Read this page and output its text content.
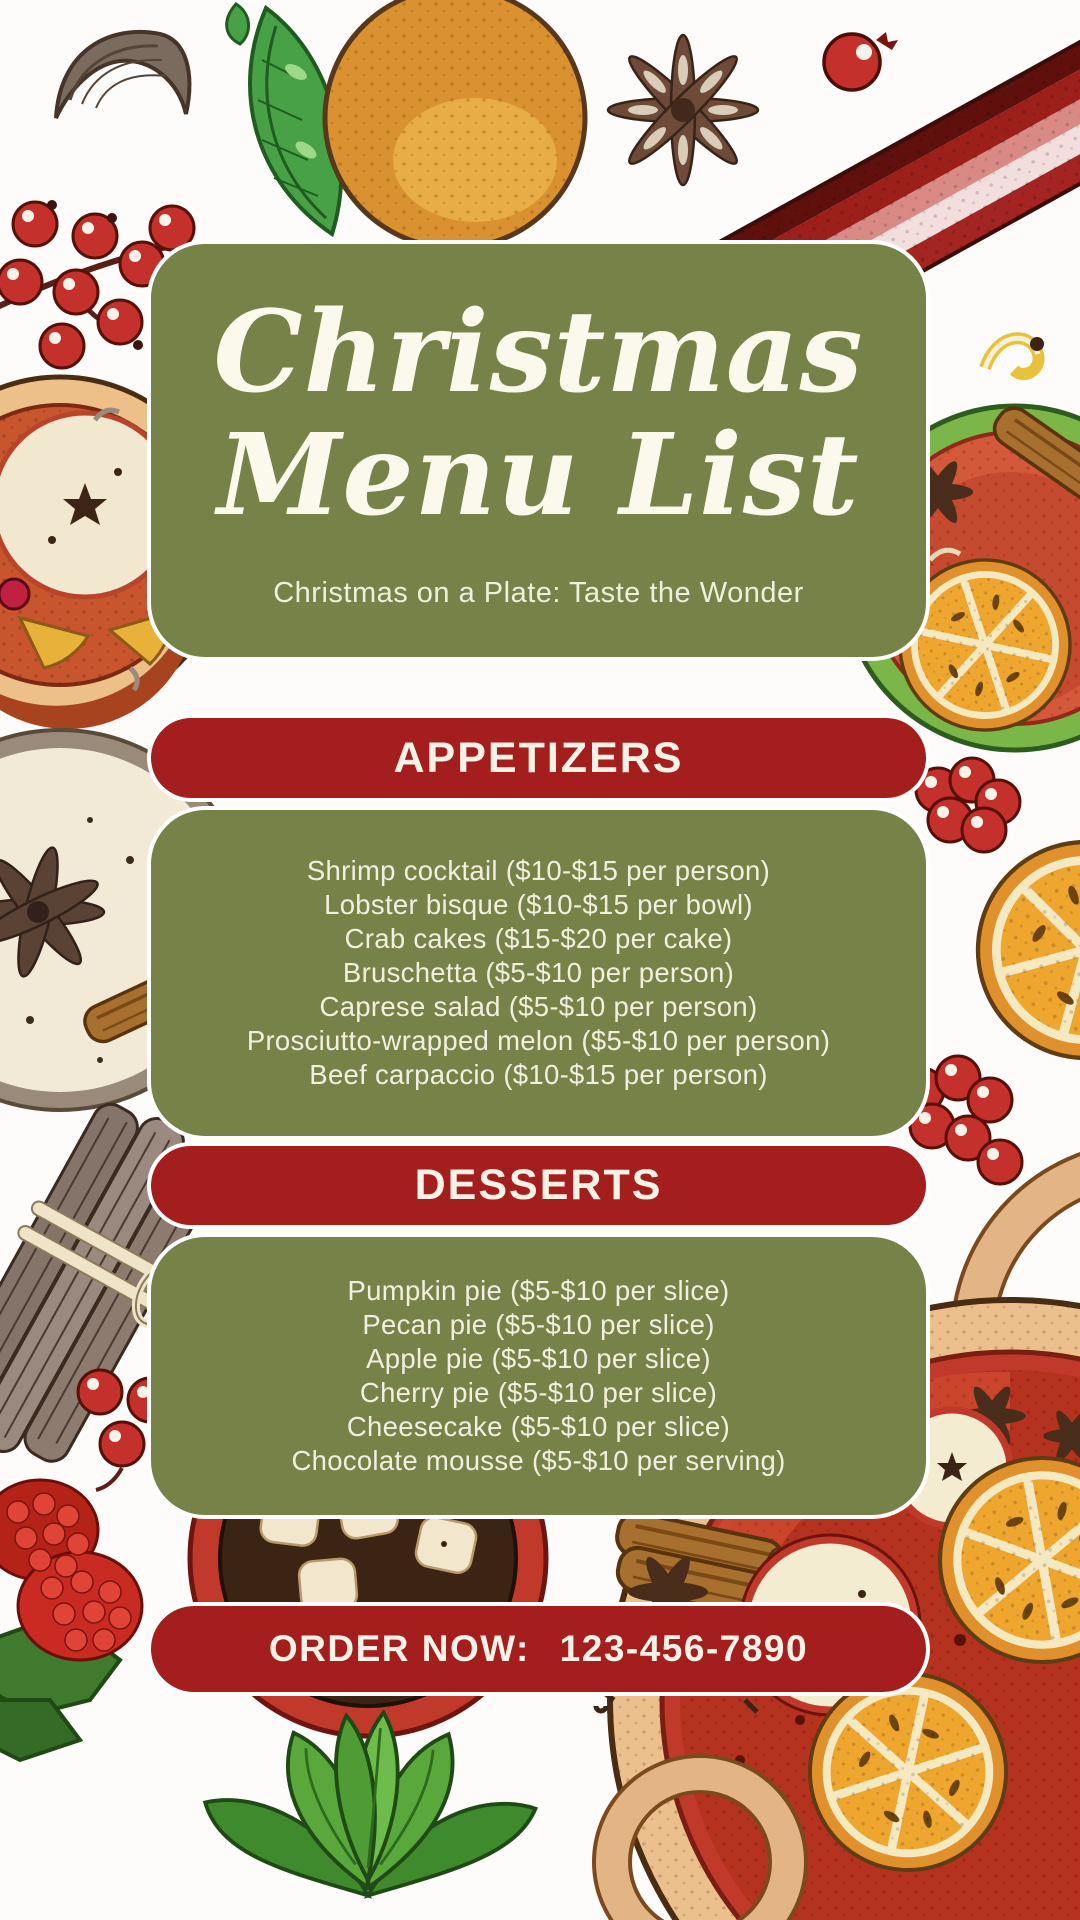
Christmas
Menu List
Christmas on a Plate: Taste the Wonder
APPETIZERS
Shrimp cocktail ($10-$15 per person)
Lobster bisque ($10-$15 per bowl)
Crab cakes ($15-$20 per cake)
Bruschetta ($5-$10 per person)
Caprese salad ($5-$10 per person)
Prosciutto-wrapped melon ($5-$10 per person)
Beef carpaccio ($10-$15 per person)
DESSERTS
Pumpkin pie ($5-$10 per slice)
Pecan pie ($5-$10 per slice)
Apple pie ($5-$10 per slice)
Cherry pie ($5-$10 per slice)
Cheesecake ($5-$10 per slice)
Chocolate mousse ($5-$10 per serving)
ORDER NOW: 123-456-7890
